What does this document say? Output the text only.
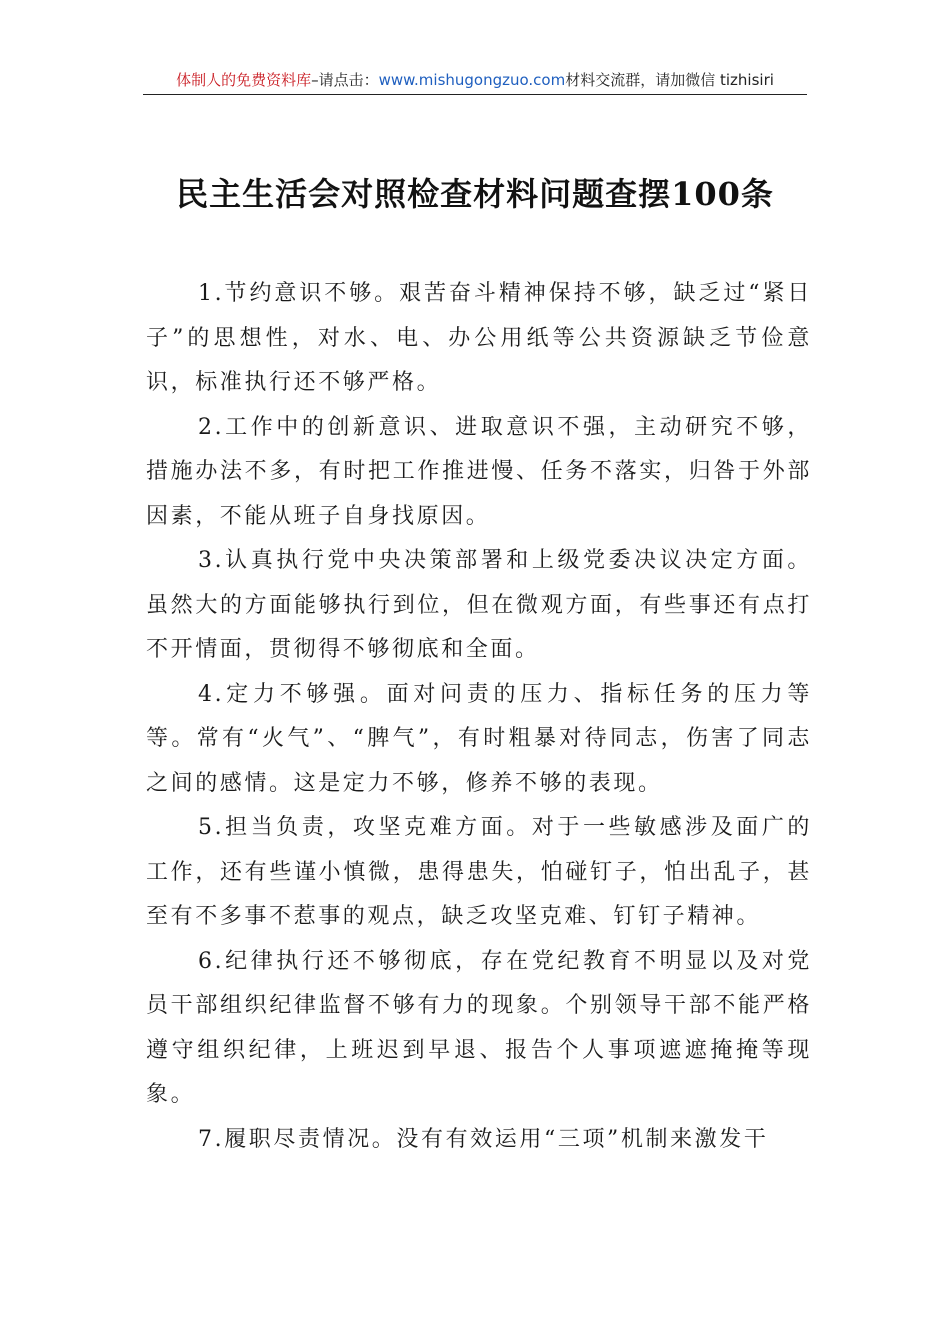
体制人的免费资料库–请点击：www.mishugongzuo.com材料交流群，请加微信 tizhisiri
民主生活会对照检查材料问题查摆100条

1.节约意识不够。艰苦奋斗精神保持不够，缺乏过“紧日子”的思想性，对水、电、办公用纸等公共资源缺乏节俭意识，标准执行还不够严格。

2.工作中的创新意识、进取意识不强，主动研究不够，措施办法不多，有时把工作推进慢、任务不落实，归咎于外部因素，不能从班子自身找原因。

3.认真执行党中央决策部署和上级党委决议决定方面。虽然大的方面能够执行到位，但在微观方面，有些事还有点打不开情面，贯彻得不够彻底和全面。

4.定力不够强。面对问责的压力、指标任务的压力等等。常有“火气”、“脾气”，有时粗暴对待同志，伤害了同志之间的感情。这是定力不够，修养不够的表现。

5.担当负责，攻坚克难方面。对于一些敏感涉及面广的工作，还有些谨小慎微，患得患失，怕碰钉子，怕出乱子，甚至有不多事不惹事的观点，缺乏攻坚克难、钉钉子精神。

6.纪律执行还不够彻底，存在党纪教育不明显以及对党员干部组织纪律监督不够有力的现象。个别领导干部不能严格遵守组织纪律，上班迟到早退、报告个人事项遮遮掩掩等现象。

7.履职尽责情况。没有有效运用“三项”机制来激发干
